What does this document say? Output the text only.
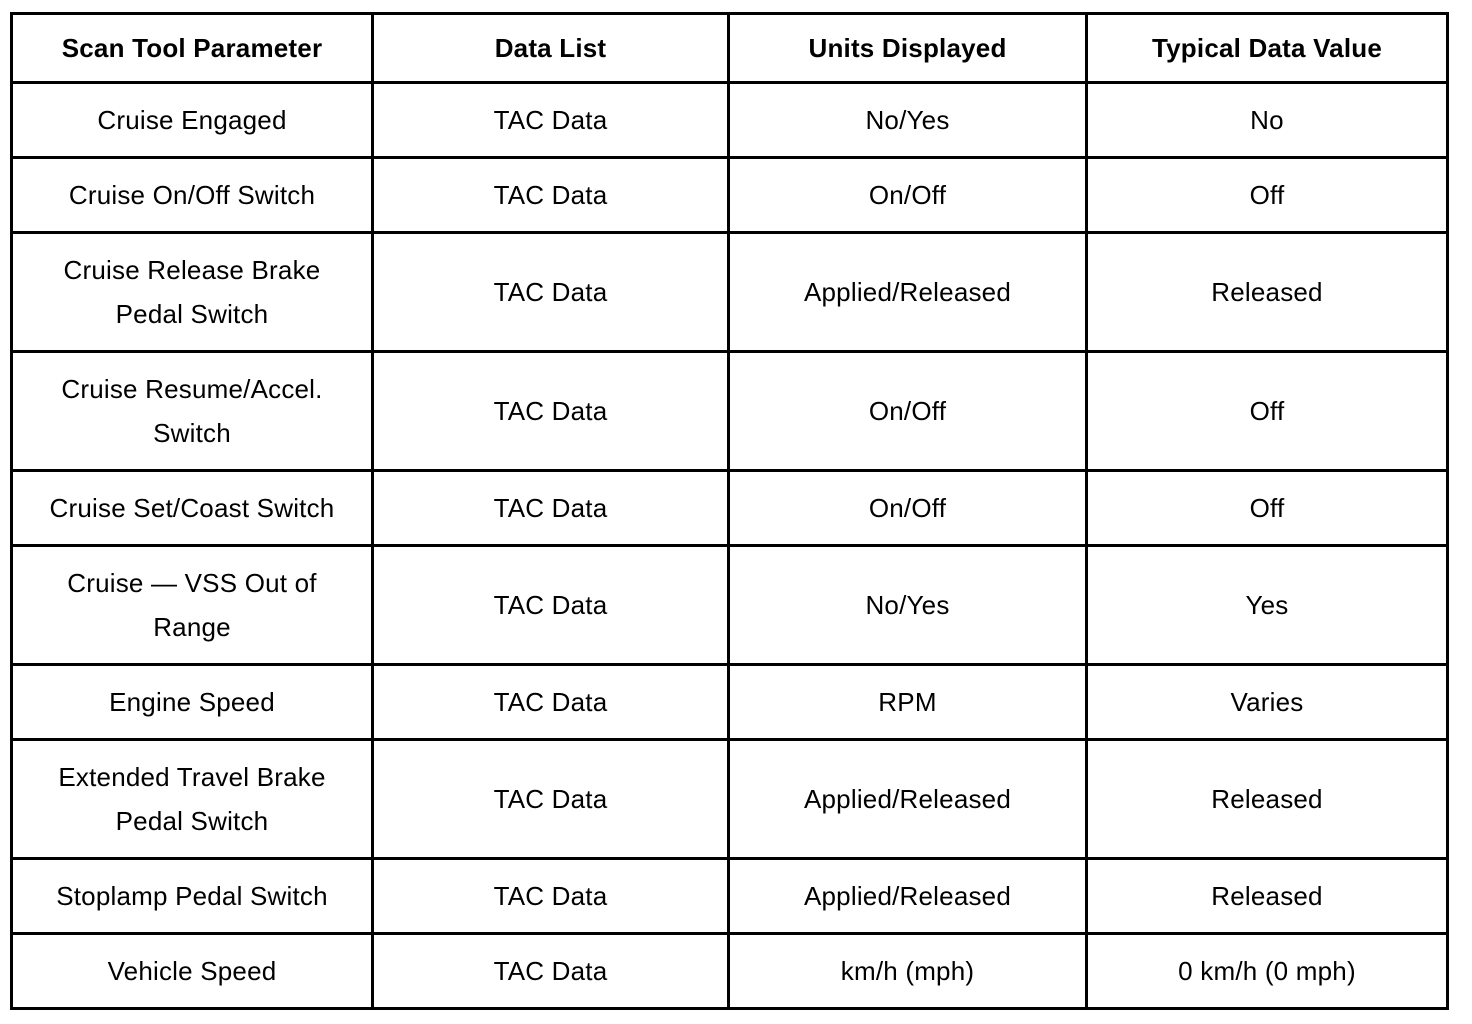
Scan Tool Parameter	Data List	Units Displayed	Typical Data Value
Cruise Engaged	TAC Data	No/Yes	No
Cruise On/Off Switch	TAC Data	On/Off	Off
Cruise Release Brake Pedal Switch	TAC Data	Applied/Released	Released
Cruise Resume/Accel. Switch	TAC Data	On/Off	Off
Cruise Set/Coast Switch	TAC Data	On/Off	Off
Cruise — VSS Out of Range	TAC Data	No/Yes	Yes
Engine Speed	TAC Data	RPM	Varies
Extended Travel Brake Pedal Switch	TAC Data	Applied/Released	Released
Stoplamp Pedal Switch	TAC Data	Applied/Released	Released
Vehicle Speed	TAC Data	km/h (mph)	0 km/h (0 mph)
